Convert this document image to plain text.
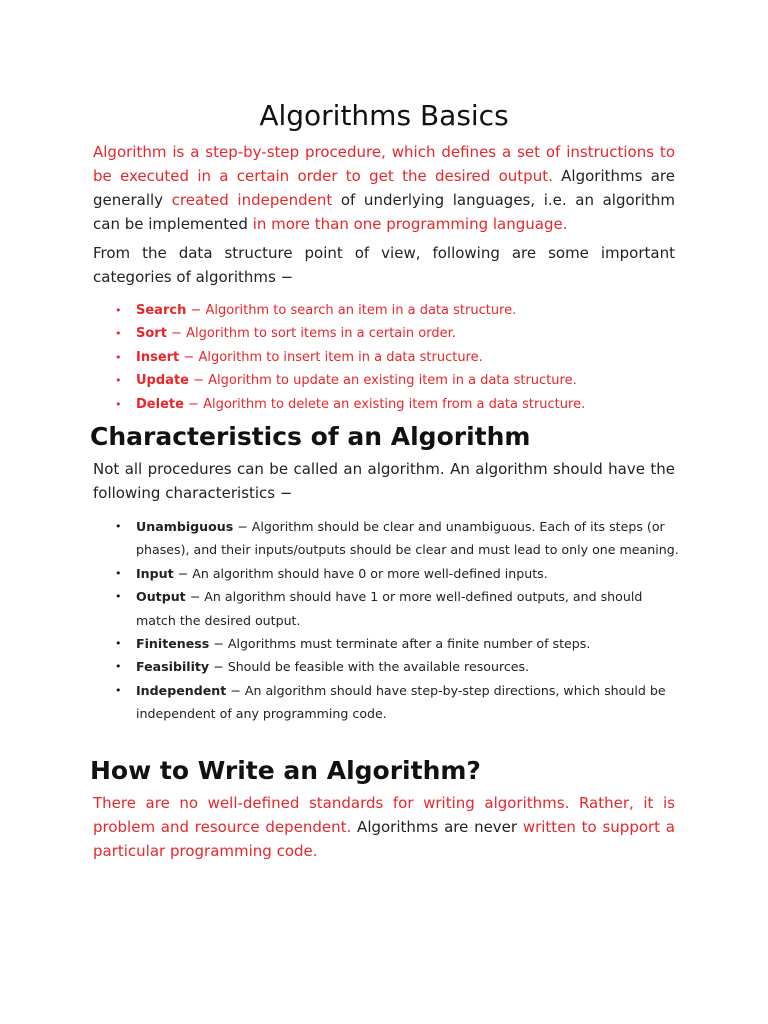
Algorithms Basics

Algorithm is a step-by-step procedure, which defines a set of instructions to be executed in a certain order to get the desired output. Algorithms are generally created independent of underlying languages, i.e. an algorithm can be implemented in more than one programming language.

From the data structure point of view, following are some important categories of algorithms −

• Search − Algorithm to search an item in a data structure.
• Sort − Algorithm to sort items in a certain order.
• Insert − Algorithm to insert item in a data structure.
• Update − Algorithm to update an existing item in a data structure.
• Delete − Algorithm to delete an existing item from a data structure.
Characteristics of an Algorithm

Not all procedures can be called an algorithm. An algorithm should have the following characteristics −

• Unambiguous − Algorithm should be clear and unambiguous. Each of its steps (or phases), and their inputs/outputs should be clear and must lead to only one meaning.
• Input − An algorithm should have 0 or more well-defined inputs.
• Output − An algorithm should have 1 or more well-defined outputs, and should match the desired output.
• Finiteness − Algorithms must terminate after a finite number of steps.
• Feasibility − Should be feasible with the available resources.
• Independent − An algorithm should have step-by-step directions, which should be independent of any programming code.
How to Write an Algorithm?

There are no well-defined standards for writing algorithms. Rather, it is problem and resource dependent. Algorithms are never written to support a particular programming code.
